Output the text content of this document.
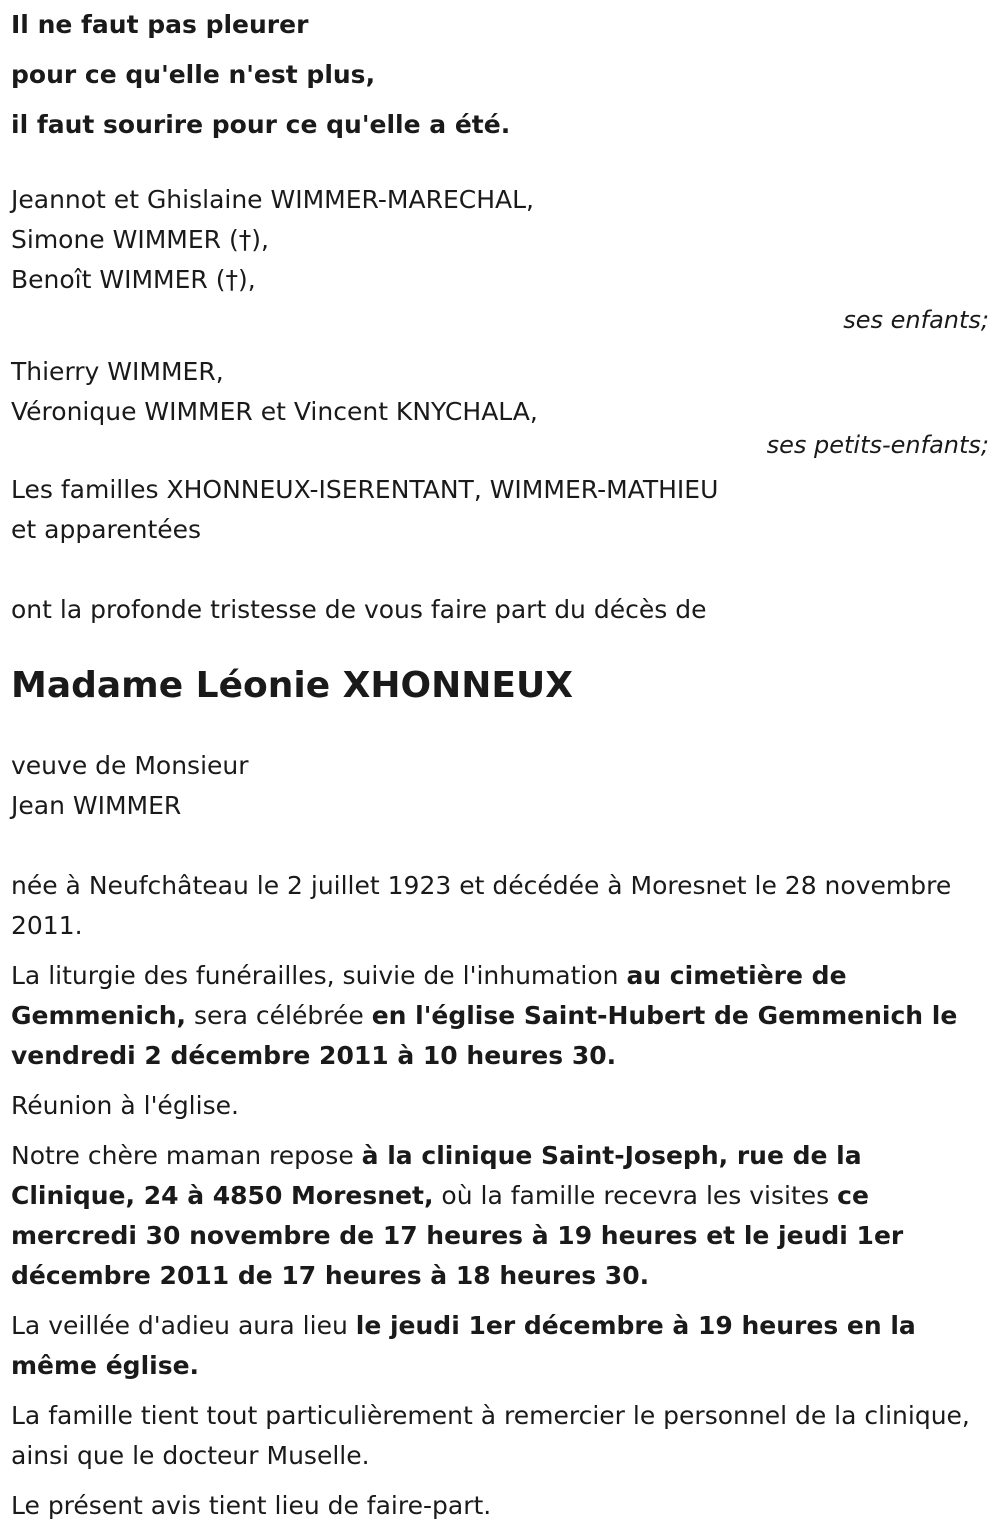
Il ne faut pas pleurer

pour ce qu'elle n'est plus,

il faut sourire pour ce qu'elle a été.

Jeannot et Ghislaine WIMMER-MARECHAL,
Simone WIMMER (†),
Benoît WIMMER (†),
ses enfants;
Thierry WIMMER,
Véronique WIMMER et Vincent KNYCHALA,
ses petits-enfants;
Les familles XHONNEUX-ISERENTANT, WIMMER-MATHIEU
et apparentées
ont la profonde tristesse de vous faire part du décès de
Madame Léonie XHONNEUX
veuve de Monsieur
Jean WIMMER
née à Neufchâteau le 2 juillet 1923 et décédée à Moresnet le 28 novembre 2011.
La liturgie des funérailles, suivie de l'inhumation au cimetière de Gemmenich, sera célébrée en l'église Saint-Hubert de Gemmenich le vendredi 2 décembre 2011 à 10 heures 30.
Réunion à l'église.
Notre chère maman repose à la clinique Saint-Joseph, rue de la Clinique, 24 à 4850 Moresnet, où la famille recevra les visites ce mercredi 30 novembre de 17 heures à 19 heures et le jeudi 1er décembre 2011 de 17 heures à 18 heures 30.
La veillée d'adieu aura lieu le jeudi 1er décembre à 19 heures en la même église.
La famille tient tout particulièrement à remercier le personnel de la clinique, ainsi que le docteur Muselle.
Le présent avis tient lieu de faire-part.
